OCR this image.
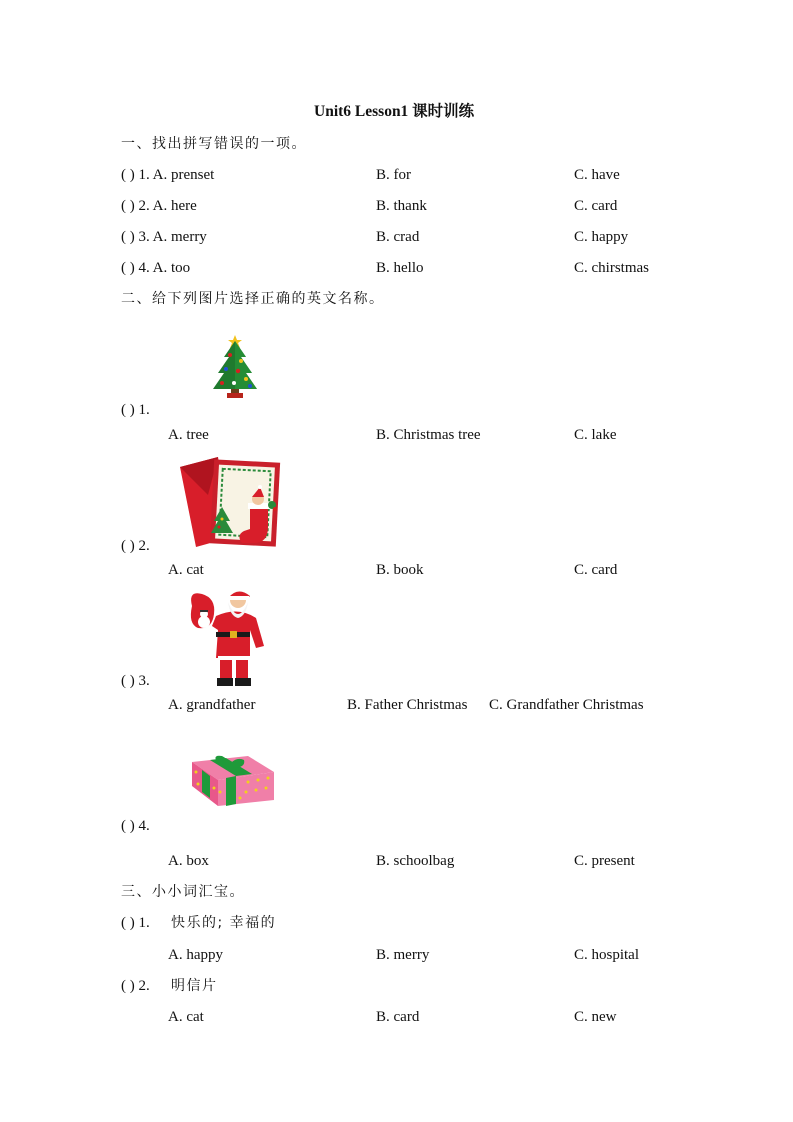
Unit6 Lesson1 课时训练
一、找出拼写错误的一项。
( ) 1. A. prenset	B. for	C. have
( ) 2. A. here	B. thank	C. card
( ) 3. A. merry	B. crad	C. happy
( ) 4. A. too	B. hello	C. chirstmas
二、给下列图片选择正确的英文名称。
( ) 1.
A. tree	B. Christmas tree	C. lake
( ) 2.
A. cat	B. book	C. card
( ) 3.
A. grandfather	B. Father Christmas C. Grandfather Christmas
( ) 4.
A. box	B. schoolbag	C. present
三、小小词汇宝。
( ) 1. 快乐的; 幸福的
A. happy	B. merry	C. hospital
( ) 2. 明信片
A. cat	B. card	C. new
